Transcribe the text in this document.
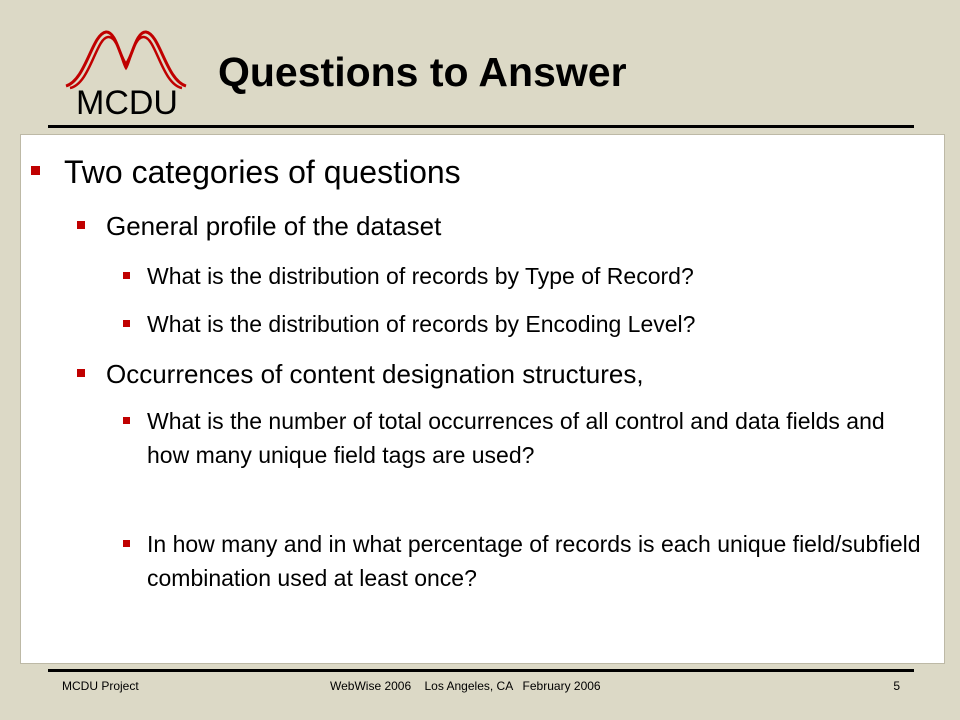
MCDU
Questions to Answer
Two categories of questions
General profile of the dataset
What is the distribution of records by Type of Record?
What is the distribution of records by Encoding Level?
Occurrences of content designation structures,
What is the number of total occurrences of all control and data fields and how many unique field tags are used?
In how many and in what percentage of records is each unique field/subfield combination used at least once?
MCDU Project	WebWise 2006    Los Angeles, CA   February 2006	5
